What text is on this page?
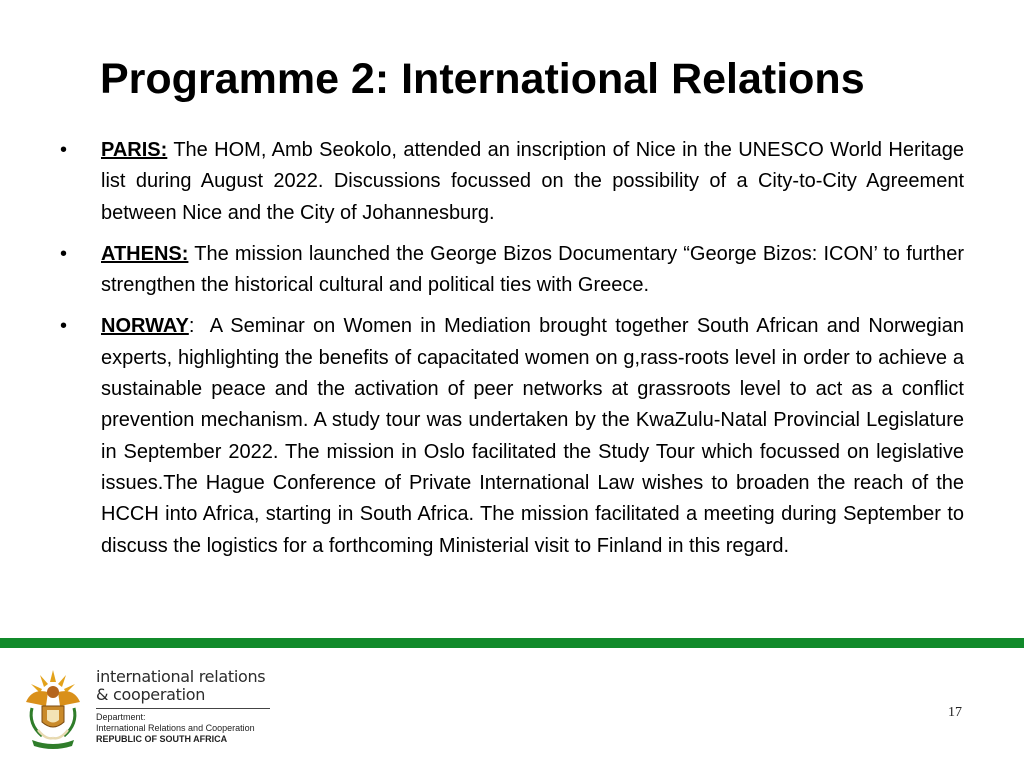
Programme 2: International Relations
•	PARIS: The HOM, Amb Seokolo, attended an inscription of Nice in the UNESCO World Heritage list during August 2022. Discussions focussed on the possibility of a City-to-City Agreement between Nice and the City of Johannesburg.

•	ATHENS: The mission launched the George Bizos Documentary “George Bizos: ICON’ to further strengthen the historical cultural and political ties with Greece.

•	NORWAY:  A Seminar on Women in Mediation brought together South African and Norwegian experts, highlighting the benefits of capacitated women on g,rass-roots level in order to achieve a sustainable peace and the activation of peer networks at grassroots level to act as a conflict prevention mechanism. A study tour was undertaken by the KwaZulu-Natal Provincial Legislature in September 2022. The mission in Oslo facilitated the Study Tour which focussed on legislative issues.The Hague Conference of Private International Law wishes to broaden the reach of the HCCH into Africa, starting in South Africa. The mission facilitated a meeting during September to discuss the logistics for a forthcoming Ministerial visit to Finland in this regard.

international relations
& cooperation
Department:
International Relations and Cooperation
REPUBLIC OF SOUTH AFRICA
17
